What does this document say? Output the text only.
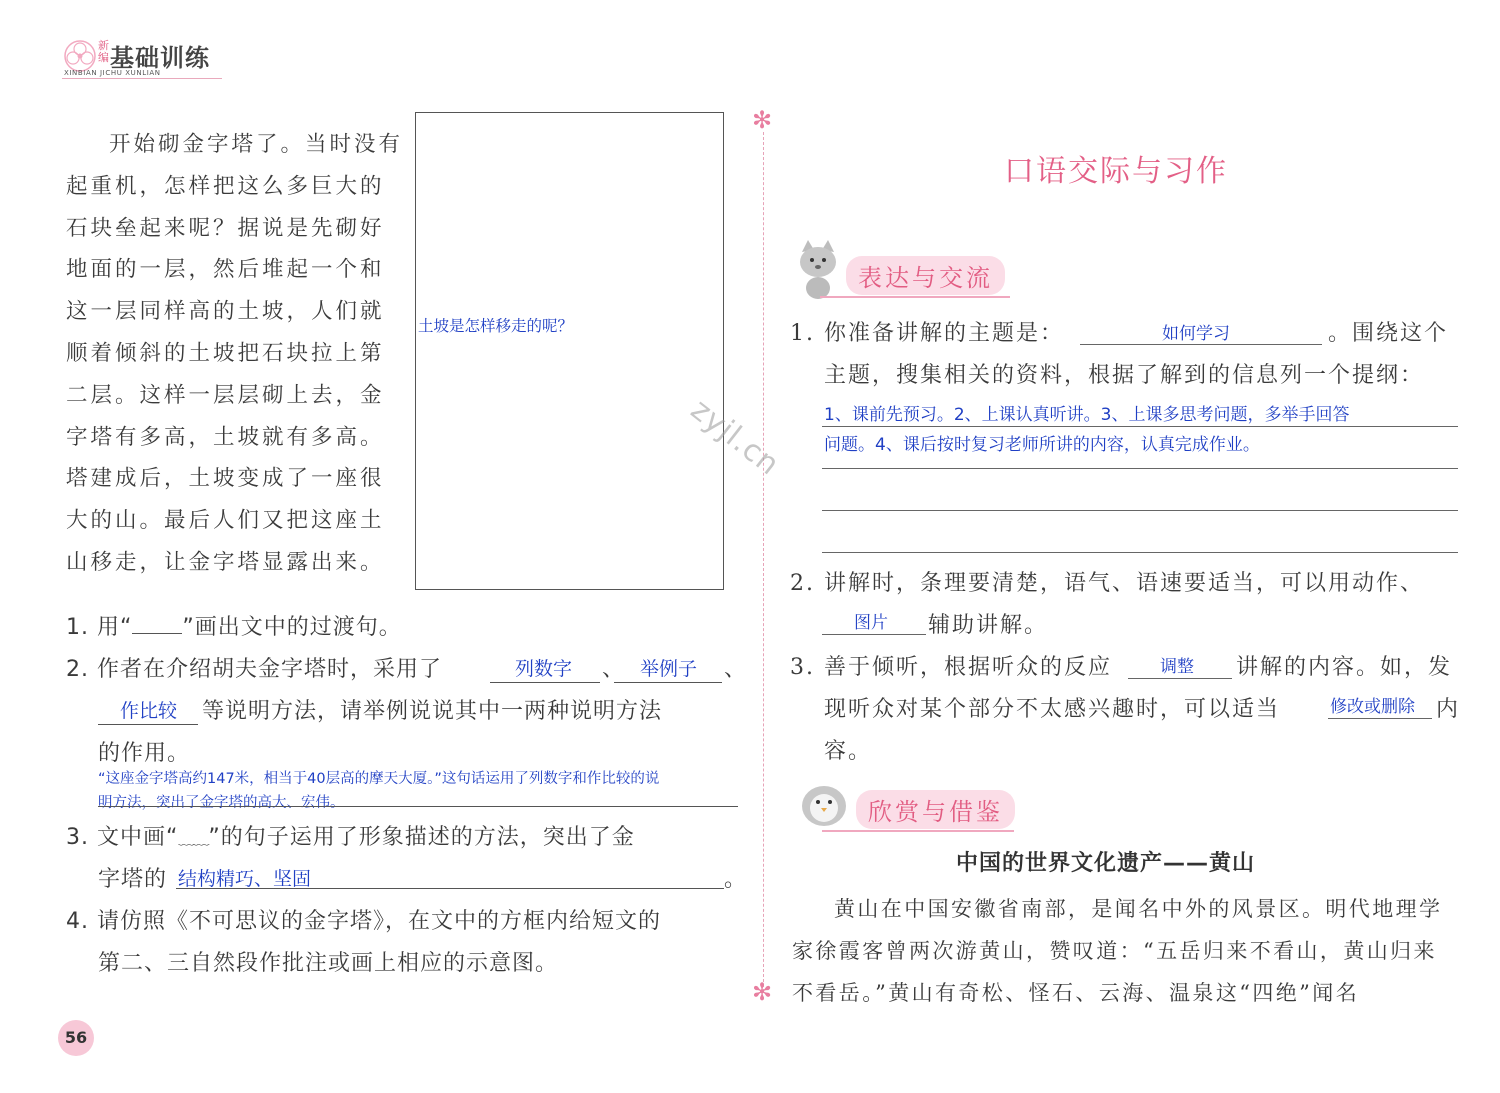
新编 基础训练
XINBIAN JICHU XUNLIAN

开始砌金字塔了。当时没有起重机，怎样把这么多巨大的石块垒起来呢？据说是先砌好地面的一层，然后堆起一个和这一层同样高的土坡，人们就顺着倾斜的土坡把石块拉上第二层。这样一层层砌上去，金字塔有多高，土坡就有多高。塔建成后，土坡变成了一座很大的山。最后人们又把这座土山移走，让金字塔显露出来。

土坡是怎样移走的呢？
1. 用“ ”画出文中的过渡句。
2. 作者在介绍胡夫金字塔时，采用了	列数字 、 举例子 、
作比较 等说明方法，请举例说说其中一两种说明方法
的作用。
“这座金字塔高约147米，相当于40层高的摩天大厦。”这句话运用了列数字和作比较的说
明方法，突出了金字塔的高大、宏伟。
3. 文中画“﹏﹏”的句子运用了形象描述的方法，突出了金
字塔的 结构精巧、坚固	。
4. 请仿照《不可思议的金字塔》，在文中的方框内给短文的
第二、三自然段作批注或画上相应的示意图。
✻
✻
口语交际与习作
表达与交流
1. 你准备讲解的主题是：	如何学习	。围绕这个
主题，搜集相关的资料，根据了解到的信息列一个提纲：
1、课前先预习。2、上课认真听讲。3、上课多思考问题，多举手回答
问题。4、课后按时复习老师所讲的内容，认真完成作业。
2. 讲解时，条理要清楚，语气、语速要适当，可以用动作、
图片 辅助讲解。
3. 善于倾听，根据听众的反应	调整 讲解的内容。如，发
现听众对某个部分不太感兴趣时，可以适当	修改或删除 内
容。
欣赏与借鉴
中国的世界文化遗产——黄山

黄山在中国安徽省南部，是闻名中外的风景区。明代地理学家徐霞客曾两次游黄山，赞叹道：“五岳归来不看山，黄山归来不看岳。”黄山有奇松、怪石、云海、温泉这“四绝”闻名

zyjl.cn
56
